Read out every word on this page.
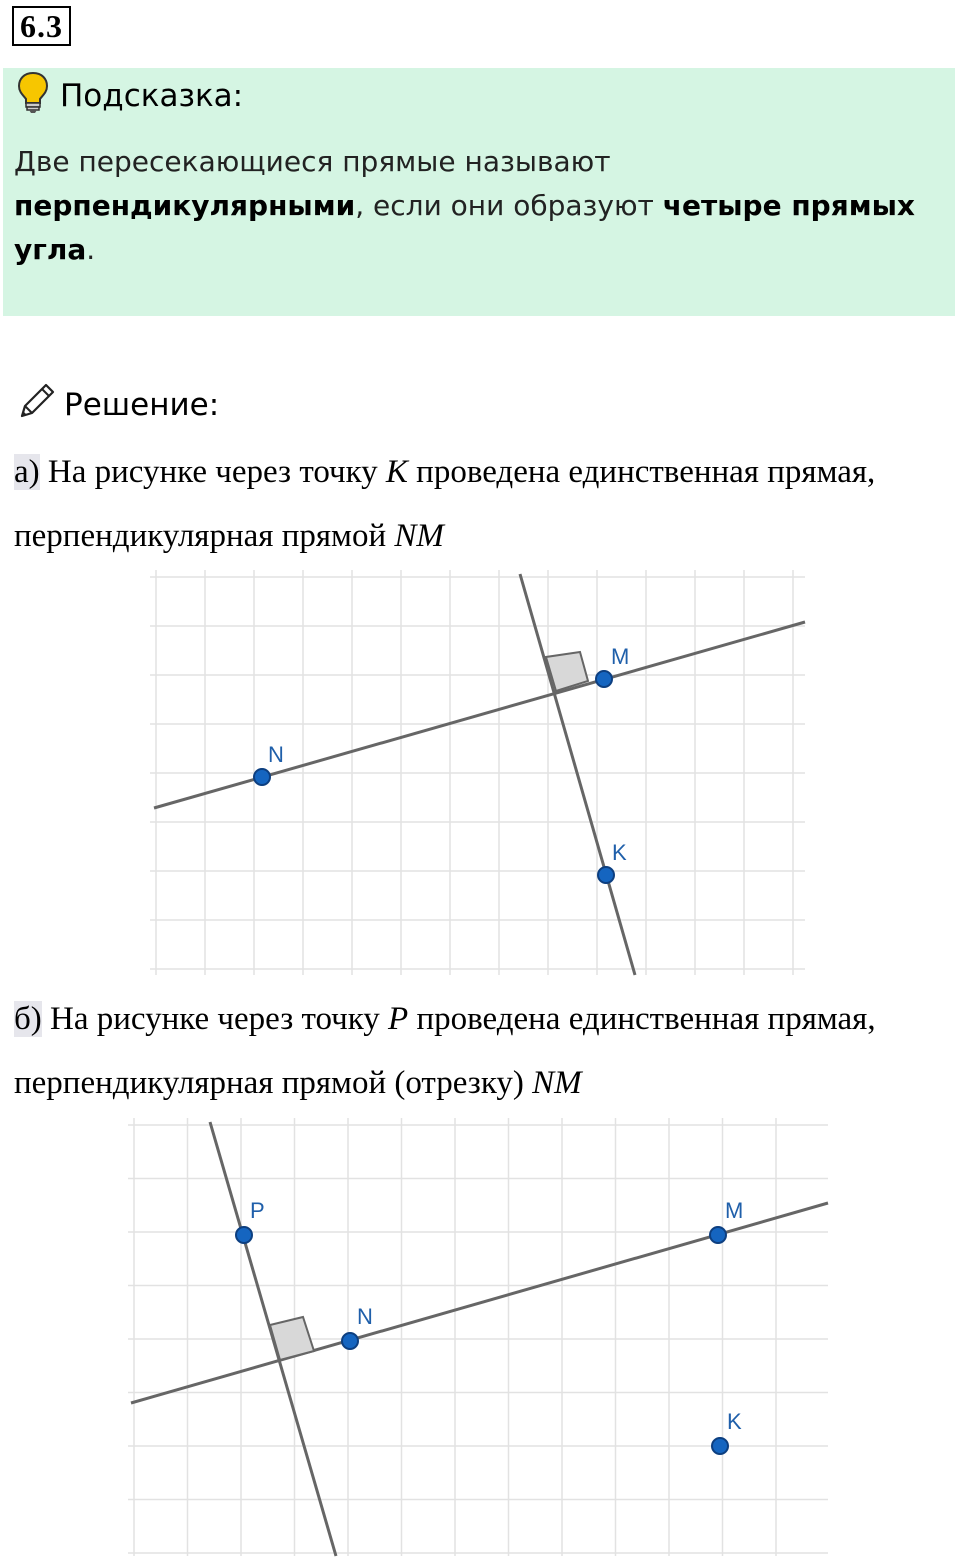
6.3
Подсказка:
Две пересекающиеся прямые называют перпендикулярными, если они образуют четыре прямых угла.
Решение:
а) На рисунке через точку K проведена единственная прямая, перпендикулярная прямой NM
N
M
K
б) На рисунке через точку P проведена единственная прямая, перпендикулярная прямой (отрезку) NM
P
N
M
K
